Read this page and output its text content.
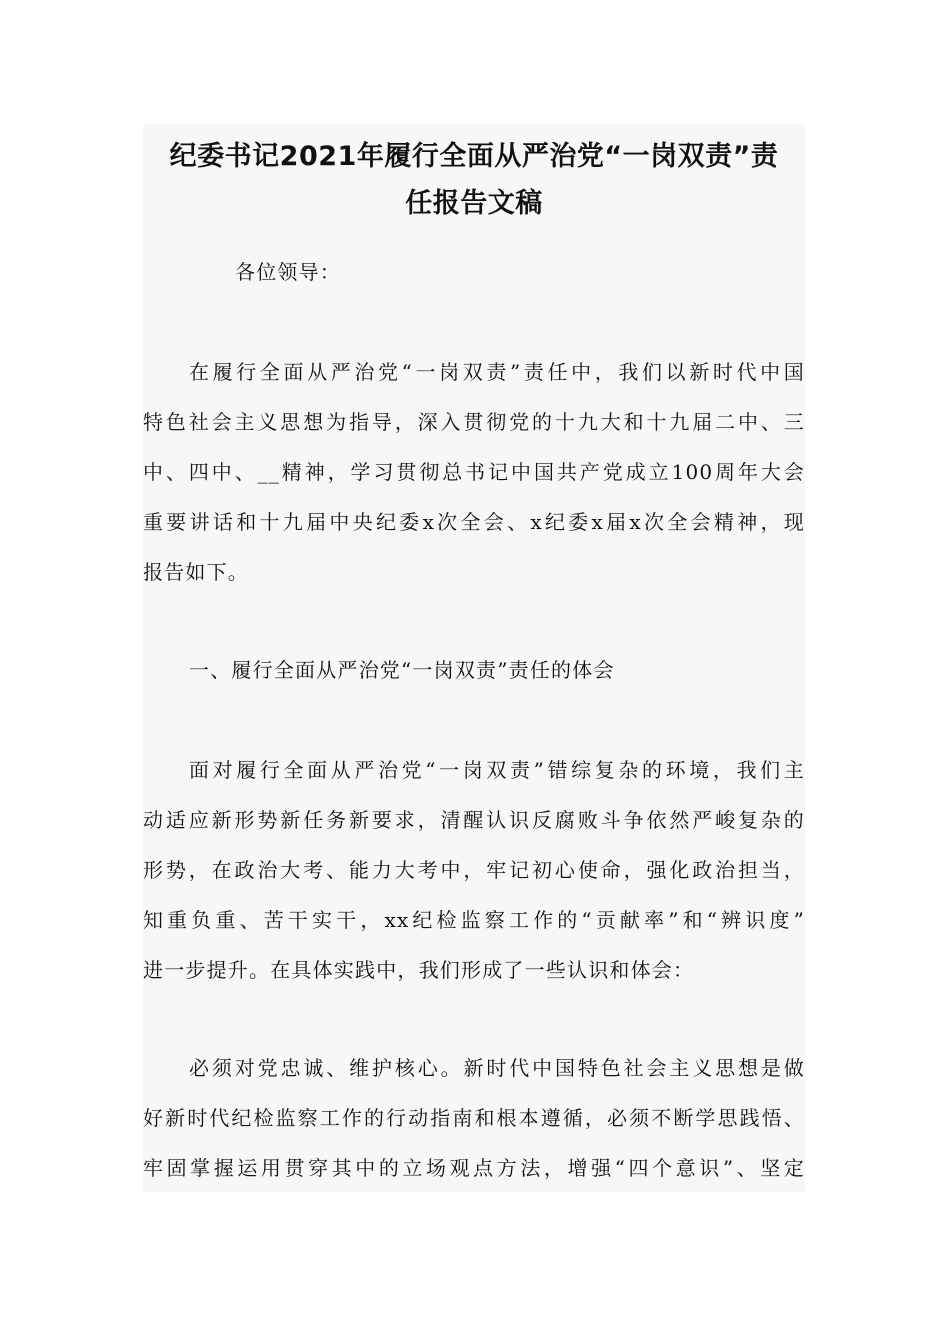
纪委书记2021年履行全面从严治党“一岗双责”责
任报告文稿
各位领导：
在履行全面从严治党“一岗双责”责任中，我们以新时代中国
特色社会主义思想为指导，深入贯彻党的十九大和十九届二中、三
中、四中、__精神，学习贯彻总书记中国共产党成立100周年大会
重要讲话和十九届中央纪委x次全会、x纪委x届x次全会精神，现
报告如下。
一、履行全面从严治党“一岗双责”责任的体会
面对履行全面从严治党“一岗双责”错综复杂的环境，我们主
动适应新形势新任务新要求，清醒认识反腐败斗争依然严峻复杂的
形势，在政治大考、能力大考中，牢记初心使命，强化政治担当，
知重负重、苦干实干，xx纪检监察工作的“贡献率”和“辨识度”
进一步提升。在具体实践中，我们形成了一些认识和体会：
必须对党忠诚、维护核心。新时代中国特色社会主义思想是做
好新时代纪检监察工作的行动指南和根本遵循，必须不断学思践悟、
牢固掌握运用贯穿其中的立场观点方法，增强“四个意识”、坚定
